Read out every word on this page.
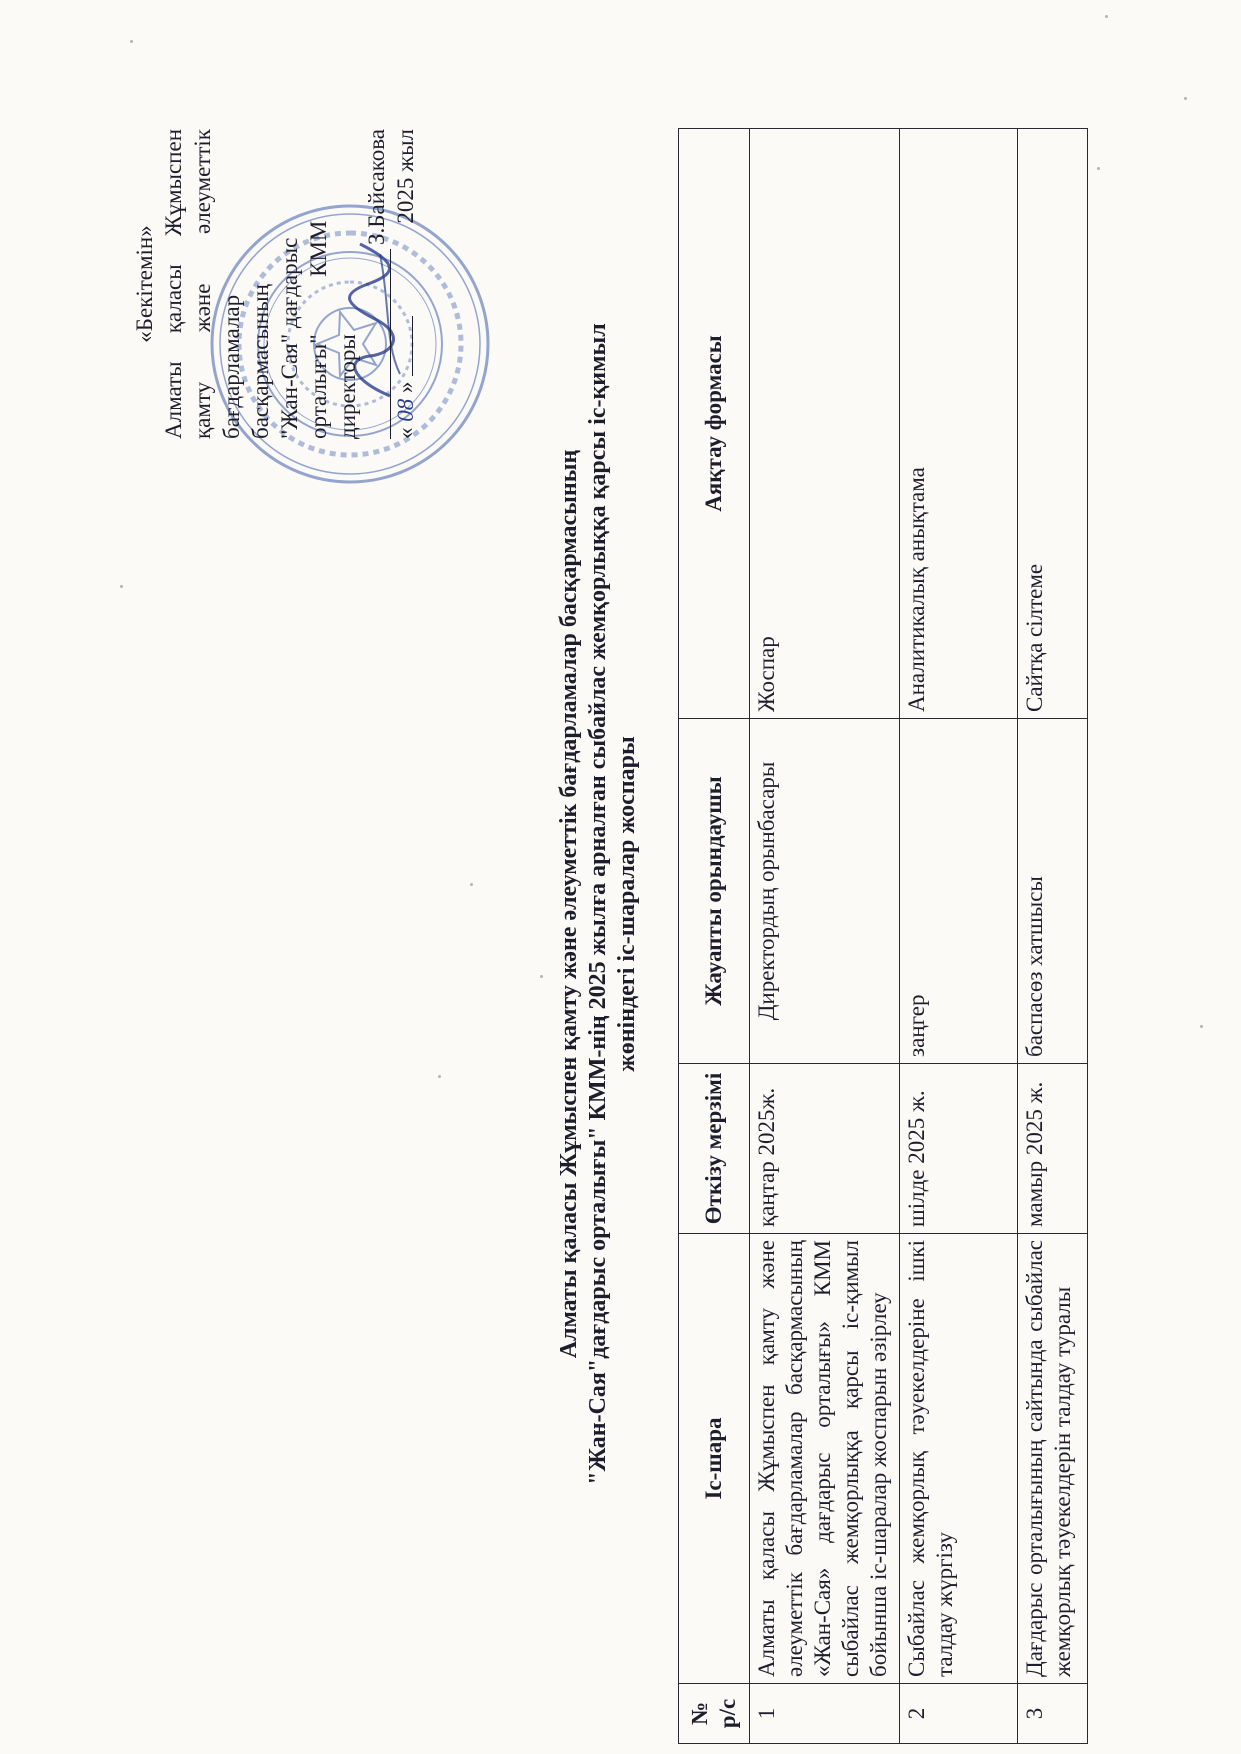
«Бекітемін» Алматы қаласы Жұмыспен қамту және әлеуметтік бағдарламалар басқармасының "Жан-Сая" дағдарыс орталығы"          КММ директоры
З.Байсакова
« 08 »
2025 жыл
Алматы қаласы Жұмыспен қамту және әлеуметтік бағдарламалар басқармасының "Жан-Сая"дағдарыс орталығы" КММ-нің 2025 жылға арналған сыбайлас жемқорлыққа қарсы іс-қимыл жөніндегі іс-шаралар жоспары
№ р/с	Іс-шара	Өткізу мерзімі	Жауапты орындаушы	Аяқтау формасы
1	Алматы қаласы Жұмыспен қамту және әлеуметтік бағдарламалар басқармасының «Жан-Сая» дағдарыс орталығы» КММ сыбайлас жемқорлыққа қарсы іс-қимыл бойынша іс-шаралар жоспарын әзірлеу	қаңтар 2025ж.	Директордың орынбасары	Жоспар
2	Сыбайлас жемқорлық тәуекелдеріне ішкі талдау жүргізу	шілде 2025 ж.	заңгер	Аналитикалық анықтама
3	Дағдарыс орталығының сайтында сыбайлас жемқорлық тәуекелдерін талдау туралы	мамыр 2025 ж.	баспасөз хатшысы	Сайтқа сілтеме
